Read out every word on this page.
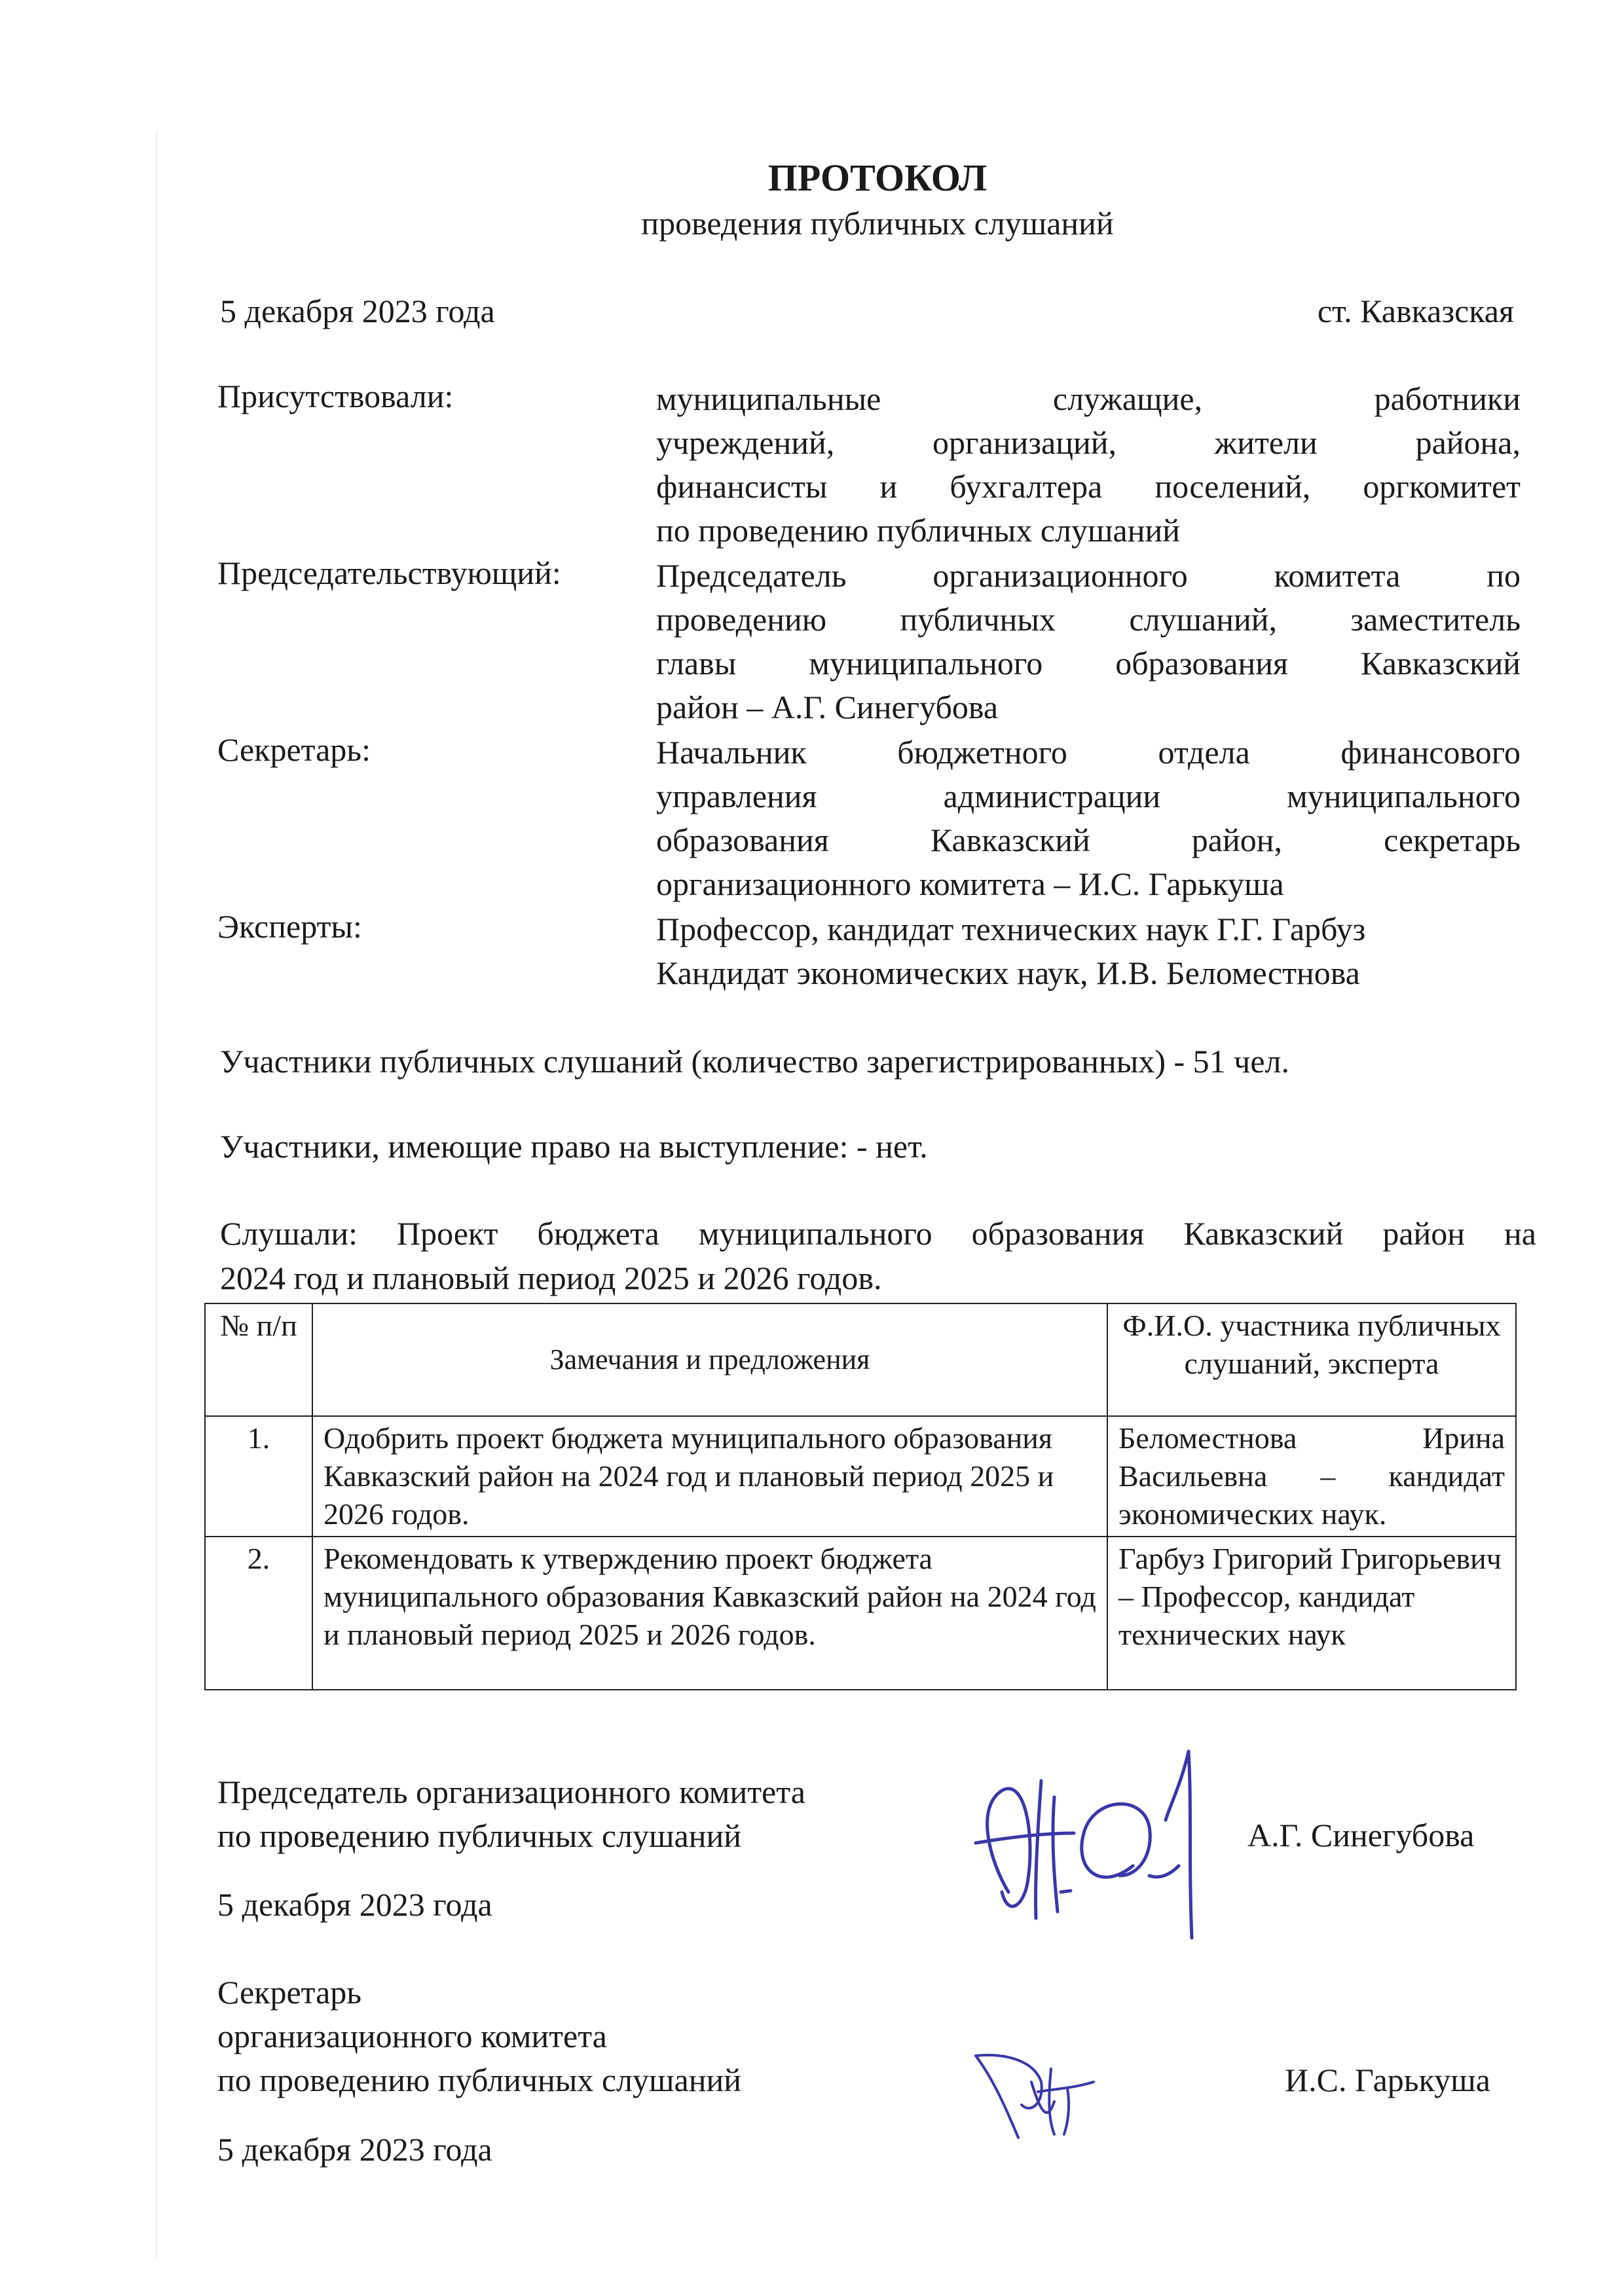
ПРОТОКОЛ
проведения публичных слушаний
5 декабря 2023 года	ст. Кавказская
Присутствовали:	муниципальные служащие, работники
учреждений, организаций, жители района,
финансисты и бухгалтера поселений, оргкомитет
по проведению публичных слушаний
Председательствующий:	Председатель организационного комитета по
проведению публичных слушаний, заместитель
главы муниципального образования Кавказский
район – А.Г. Синегубова
Секретарь:	Начальник бюджетного отдела финансового
управления администрации муниципального
образования Кавказский район, секретарь
организационного комитета – И.С. Гарькуша
Эксперты:	Профессор, кандидат технических наук Г.Г. Гарбуз
Кандидат экономических наук, И.В. Беломестнова
Участники публичных слушаний (количество зарегистрированных) - 51 чел.
Участники, имеющие право на выступление: - нет.
Слушали: Проект бюджета муниципального образования Кавказский район на
2024 год и плановый период 2025 и 2026 годов.
№ п/п	Замечания и предложения	Ф.И.О. участника публичных слушаний, эксперта
1.	Одобрить проект бюджета муниципального образования Кавказский район на 2024 год и плановый период 2025 и 2026 годов.	Беломестнова Ирина Васильевна – кандидат экономических наук.
2.	Рекомендовать к утверждению проект бюджета муниципального образования Кавказский район на 2024 год и плановый период 2025 и 2026 годов.	Гарбуз Григорий Григорьевич – Профессор, кандидат технических наук
Председатель организационного комитета
по проведению публичных слушаний	А.Г. Синегубова
5 декабря 2023 года
Секретарь
организационного комитета
по проведению публичных слушаний	И.С. Гарькуша
5 декабря 2023 года
